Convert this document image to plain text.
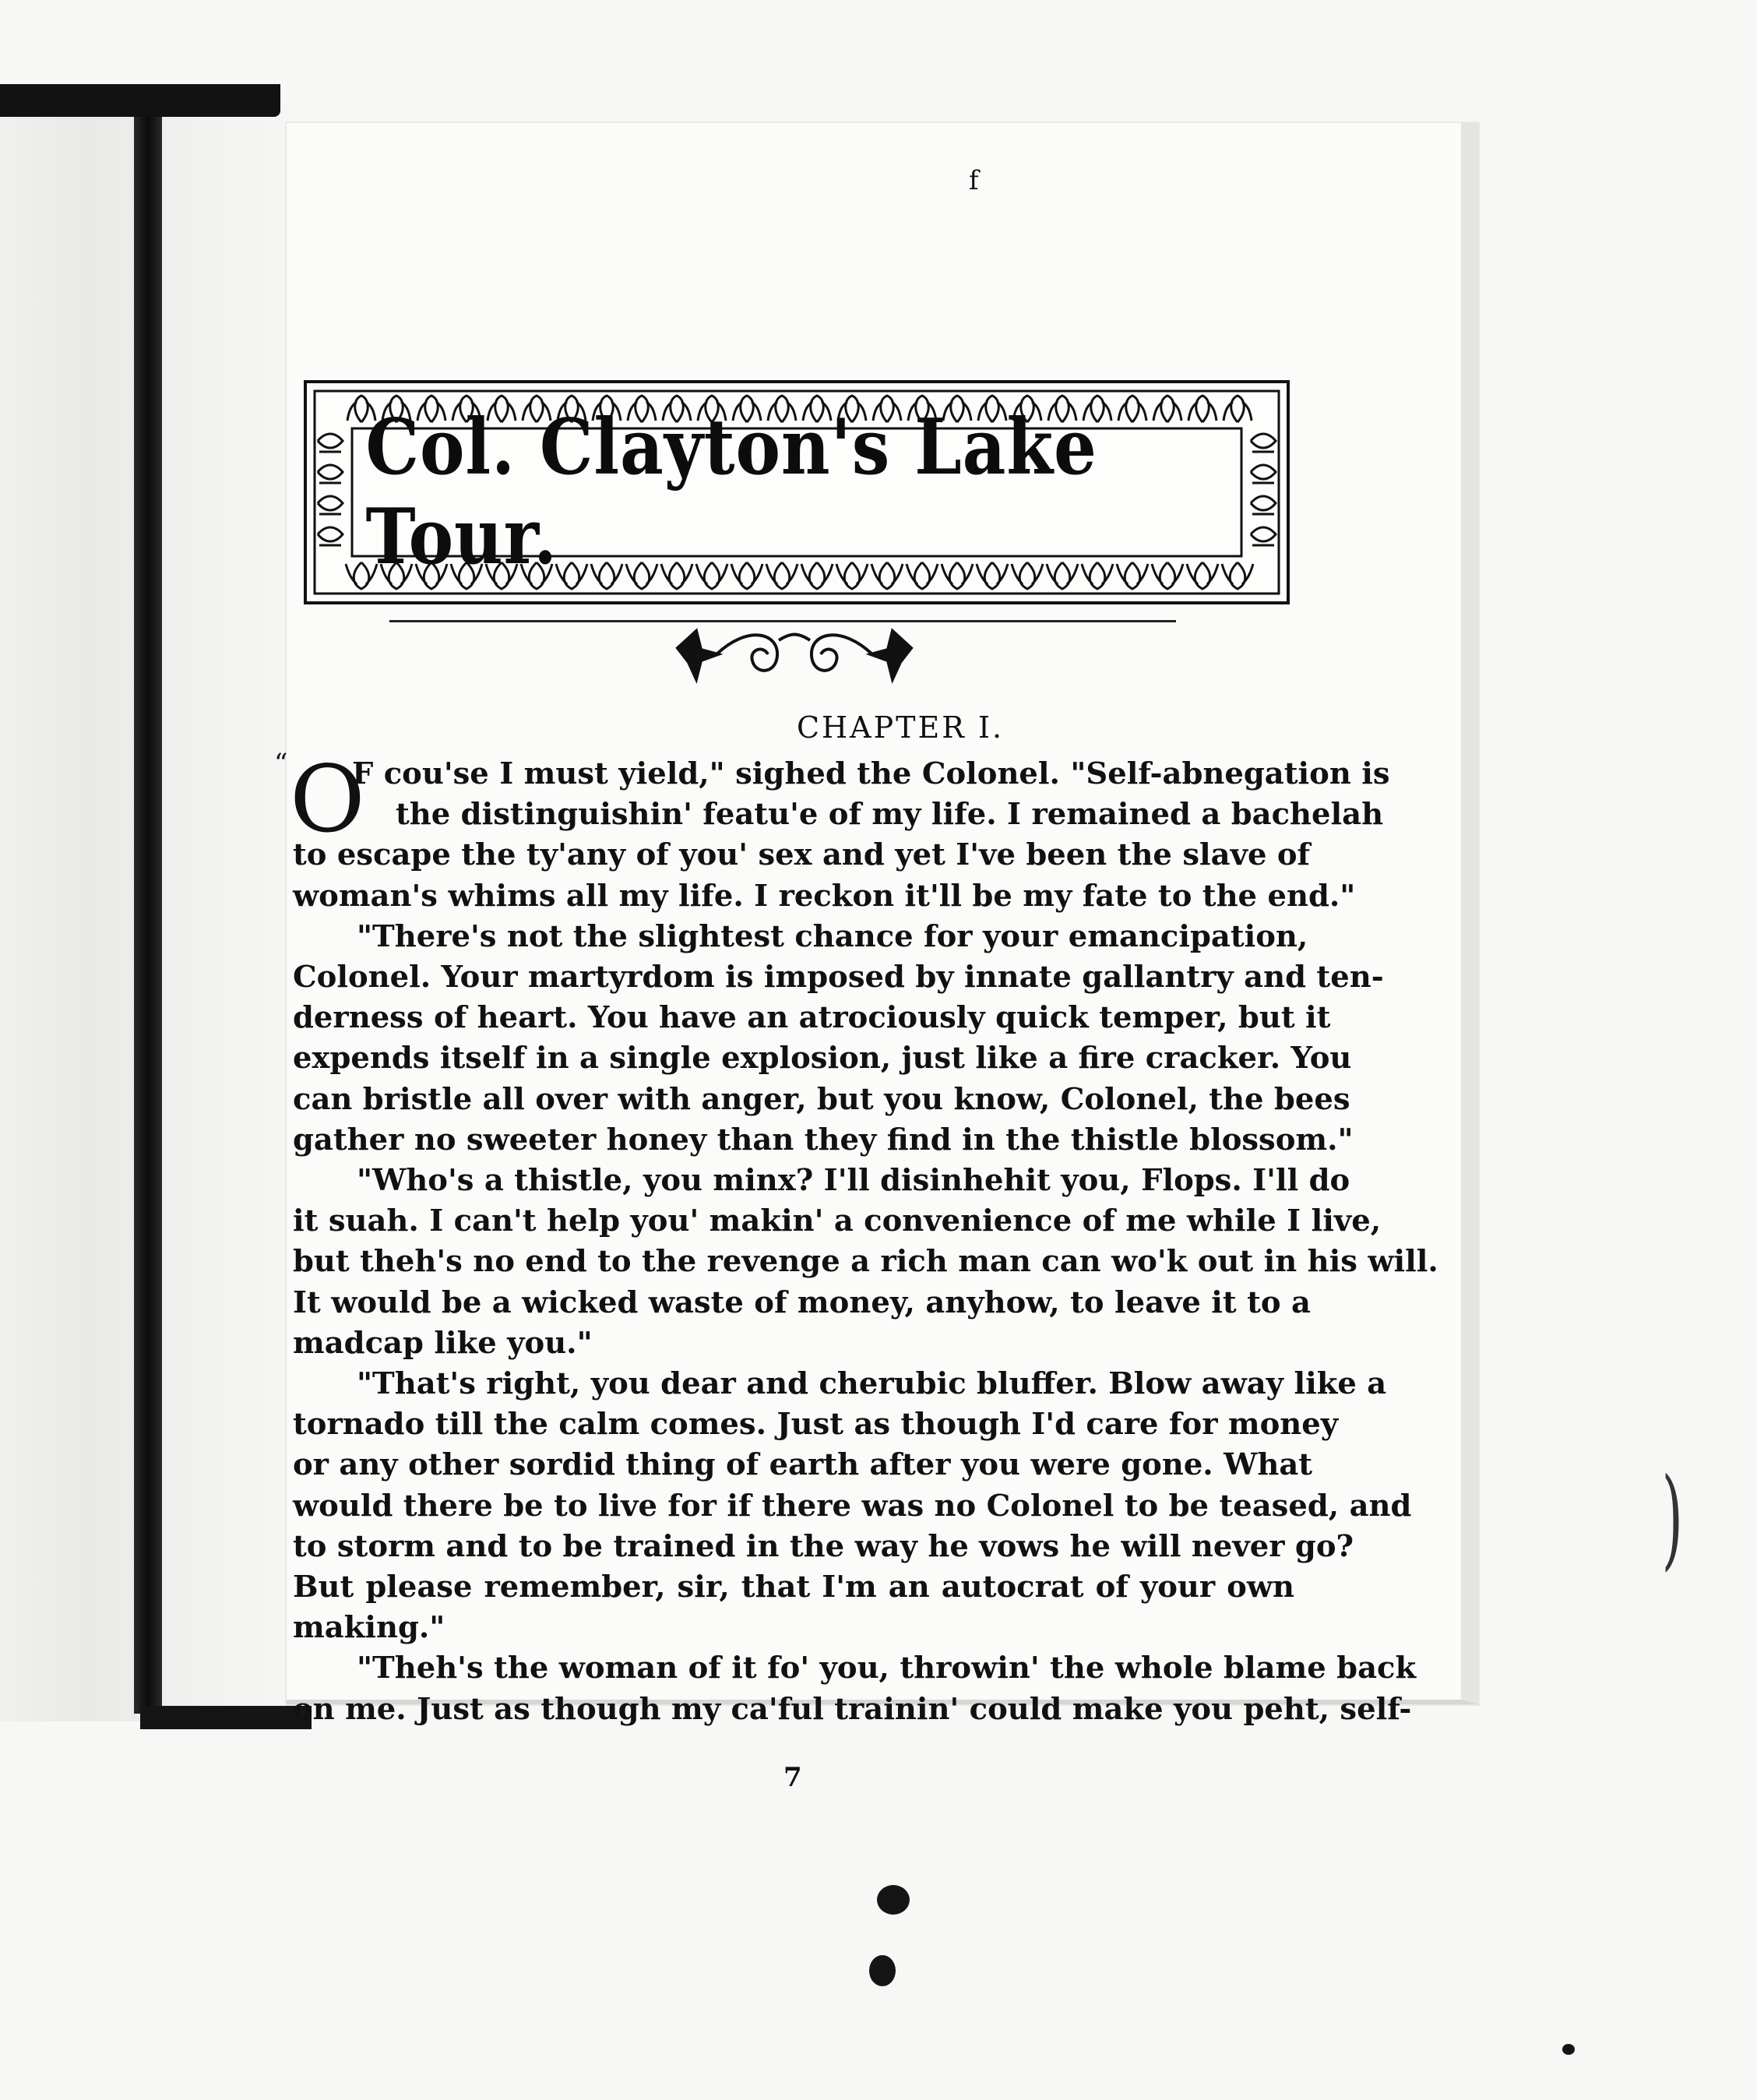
f
Col. Clayton's Lake Tour.
CHAPTER I.
“ O
F cou'se I must yield," sighed the Colonel. "Self-abnegation is
the distinguishin' featu'e of my life. I remained a bachelah
to escape the ty'any of you' sex and yet I've been the slave of
woman's whims all my life. I reckon it'll be my fate to the end."
"There's not the slightest chance for your emancipation,
Colonel. Your martyrdom is imposed by innate gallantry and ten-
derness of heart. You have an atrociously quick temper, but it
expends itself in a single explosion, just like a fire cracker. You
can bristle all over with anger, but you know, Colonel, the bees
gather no sweeter honey than they find in the thistle blossom."
"Who's a thistle, you minx? I'll disinhehit you, Flops. I'll do
it suah. I can't help you' makin' a convenience of me while I live,
but theh's no end to the revenge a rich man can wo'k out in his will.
It would be a wicked waste of money, anyhow, to leave it to a
madcap like you."
"That's right, you dear and cherubic bluffer. Blow away like a
tornado till the calm comes. Just as though I'd care for money
or any other sordid thing of earth after you were gone. What
would there be to live for if there was no Colonel to be teased, and
to storm and to be trained in the way he vows he will never go?
But please remember, sir, that I'm an autocrat of your own
making."
"Theh's the woman of it fo' you, throwin' the whole blame back
on me. Just as though my ca'ful trainin' could make you peht, self-
7
)
